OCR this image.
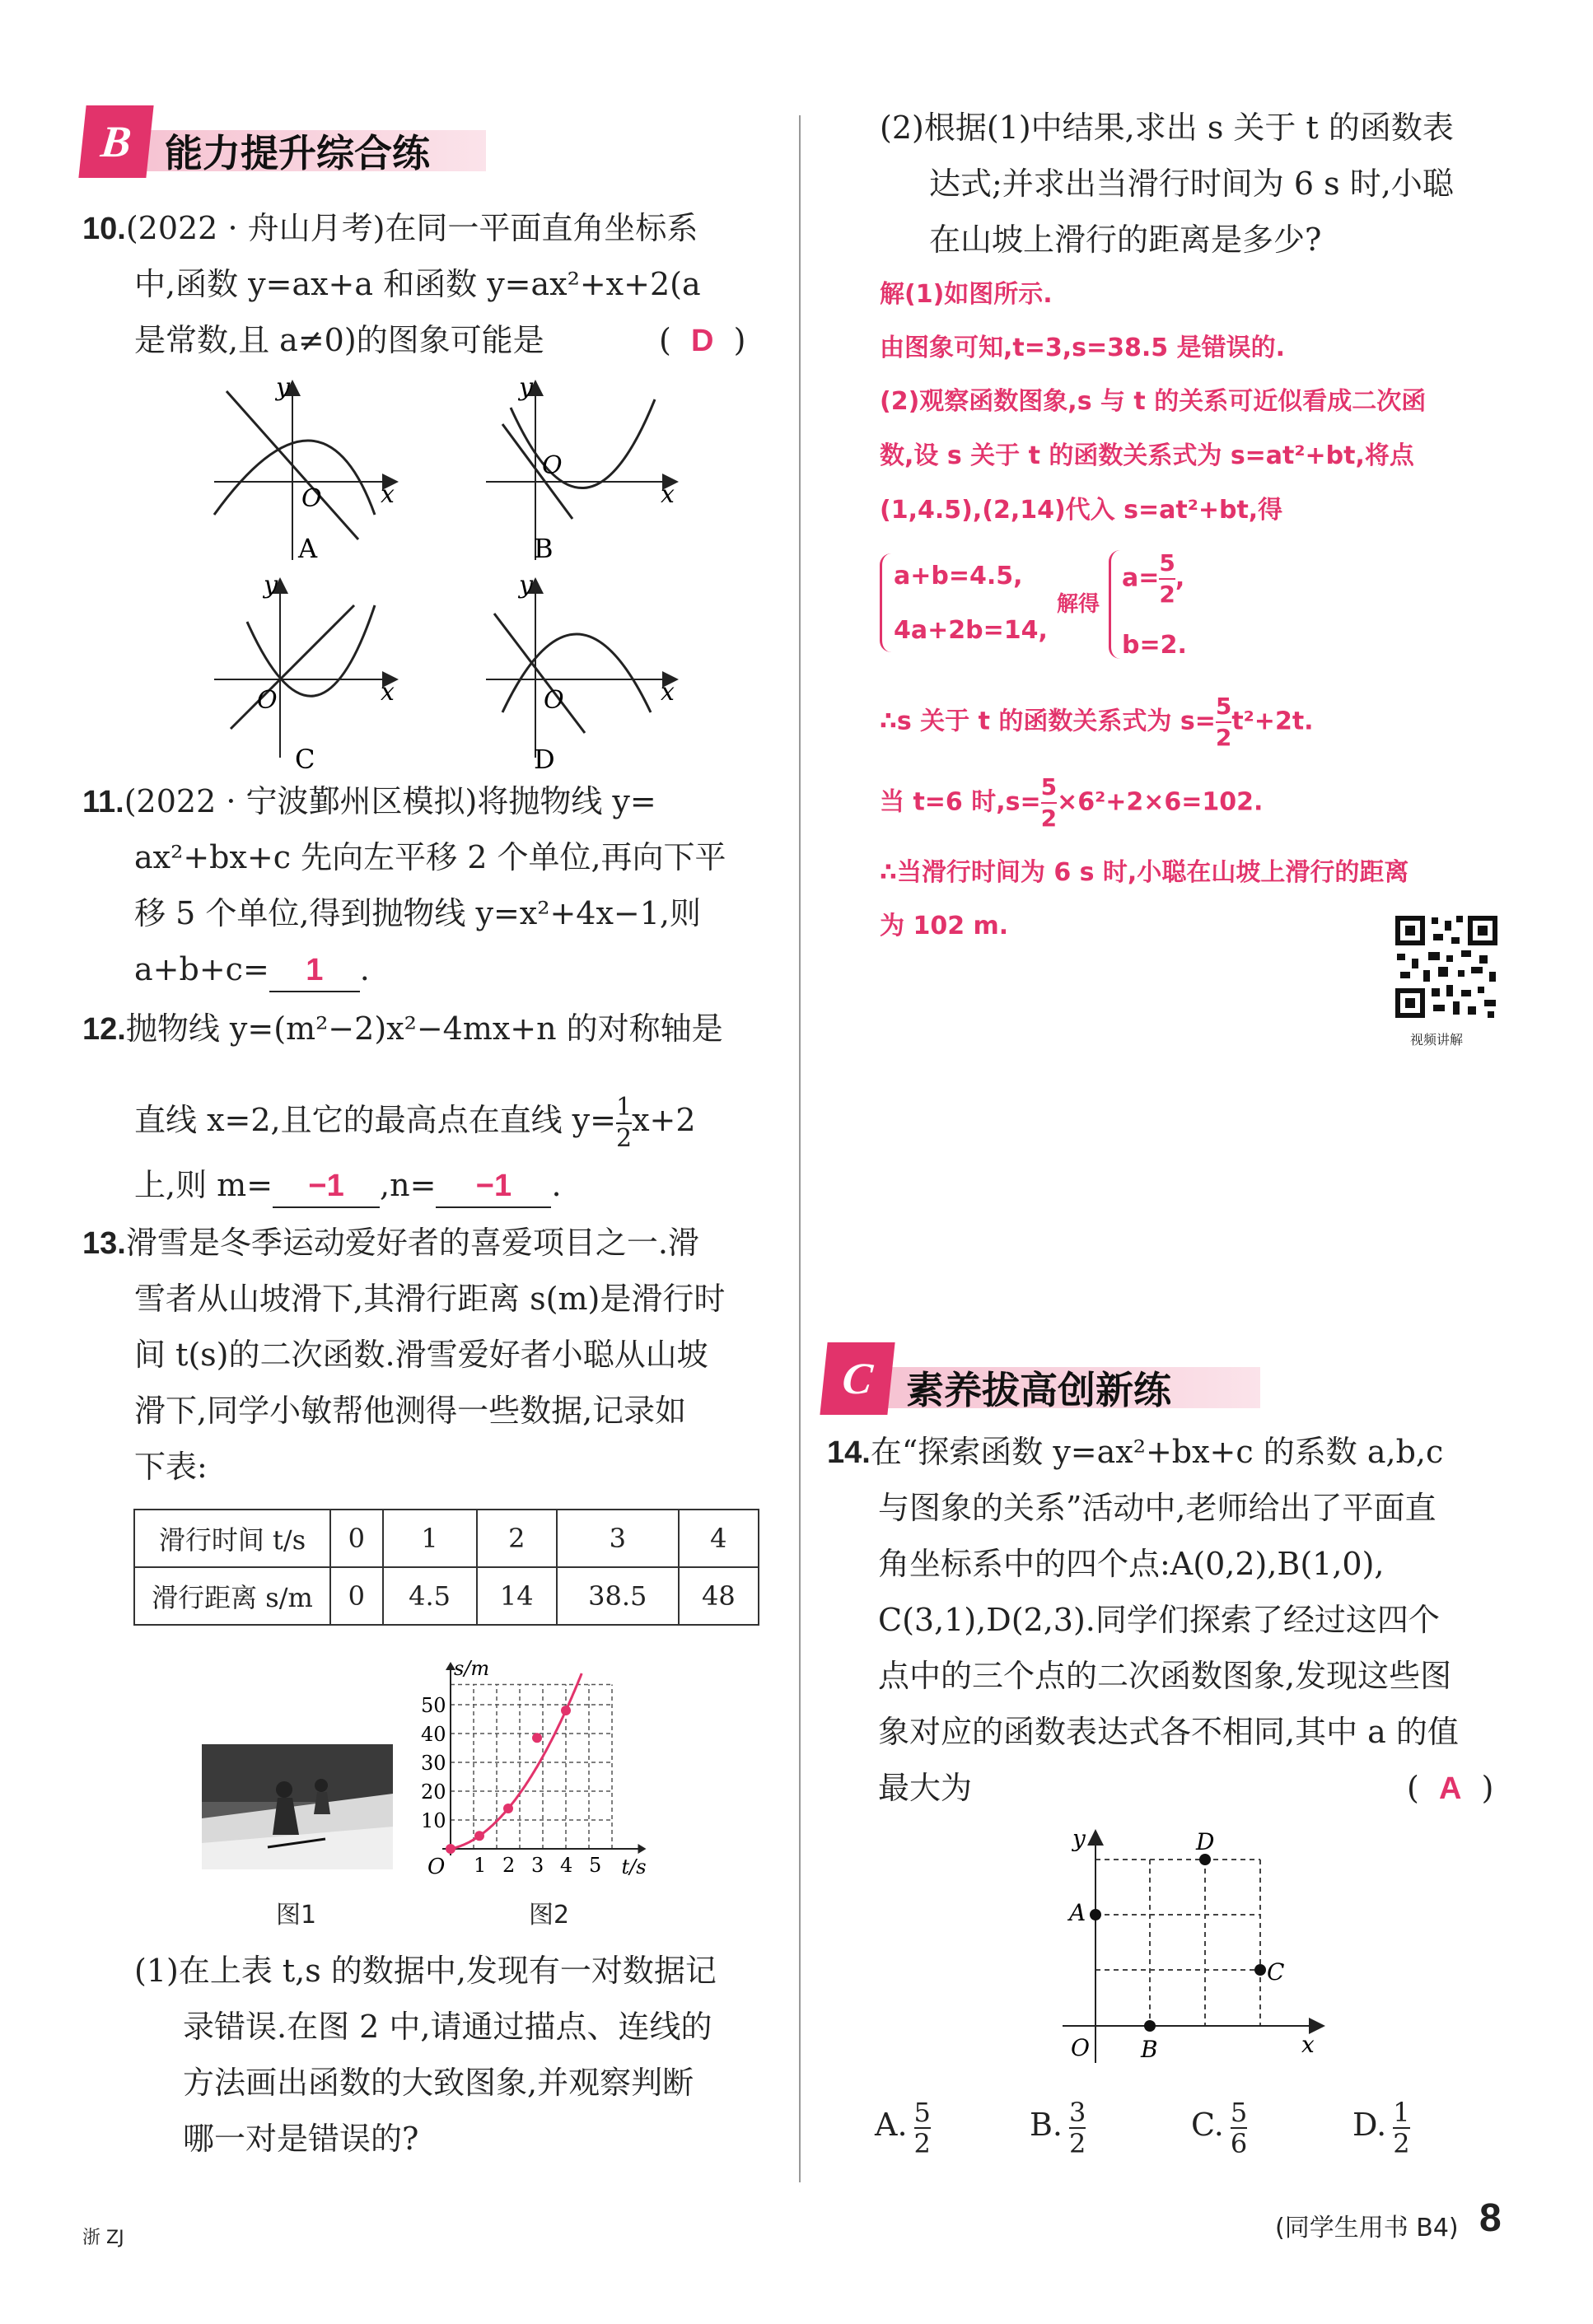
B 能力提升综合练
10.(2022 · 舟山月考)在同一平面直角坐标系
中,函数 y=ax+a 和函数 y=ax²+x+2(a
是常数,且 a≠0)的图象可能是	(  D  )
O x
y
A
O
x
y
B
O	x
y
C
O	x
y
D
11.(2022 · 宁波鄞州区模拟)将抛物线 y=
ax²+bx+c 先向左平移 2 个单位,再向下平
移 5 个单位,得到抛物线 y=x²+4x−1,则
a+b+c= 1 .
12.抛物线 y=(m²−2)x²−4mx+n 的对称轴是
直线 x=2,且它的最高点在直线 $y= \frac{1}{2} x+2$
上,则 m= −1 ,n= −1 .
13.滑雪是冬季运动爱好者的喜爱项目之一.滑
雪者从山坡滑下,其滑行距离 s(m)是滑行时
间 t(s)的二次函数.滑雪爱好者小聪从山坡
滑下,同学小敏帮他测得一些数据,记录如
下表:
滑行时间 t/s	0	1	2	3	4
滑行距离 s/m	0	4.5	14	38.5	48
图1
50
40
30
20
10
1 2 3 4 5
O
s/m
t/s
图2
(1)在上表 t,s 的数据中,发现有一对数据记
录错误.在图 2 中,请通过描点、连线的
方法画出函数的大致图象,并观察判断
哪一对是错误的?
(2)根据(1)中结果,求出 s 关于 t 的函数表
达式;并求出当滑行时间为 6 s 时,小聪
在山坡上滑行的距离是多少?
解(1)如图所示.
由图象可知,t=3,s=38.5 是错误的.
(2)观察函数图象,s 与 t 的关系可近似看成二次函
数,设 s 关于 t 的函数关系式为 s=at²+bt,将点
(1,4.5),(2,14)代入 s=at²+bt,得
a+b=4.5,
4a+2b=14,
解得
$a= \frac{5}{2}$ ,
b=2.
∴s 关于 t 的函数关系式为 $s= \frac{5}{2} t^2+2t$.
当 t=6 时$,s= \frac{5}{2} \times 6^2+2\times 6=102$.
∴当滑行时间为 6 s 时,小聪在山坡上滑行的距离
为 102 m.
视频讲解
C 素养拔高创新练
14.在“探索函数 y=ax²+bx+c 的系数 a,b,c
与图象的关系”活动中,老师给出了平面直
角坐标系中的四个点:A(0,2),B(1,0),
C(3,1),D(2,3).同学们探索了经过这四个
点中的三个点的二次函数图象,发现这些图
象对应的函数表达式各不相同,其中 a 的值
最大为	(  A  )
A
B
C
D
O	x
y
A. $\frac{5}{2}$	B. $\frac{3}{2}$	C. $\frac{5}{6}$	D. $\frac{1}{2}$
浙 ZJ	(同学生用书 B4) 8
